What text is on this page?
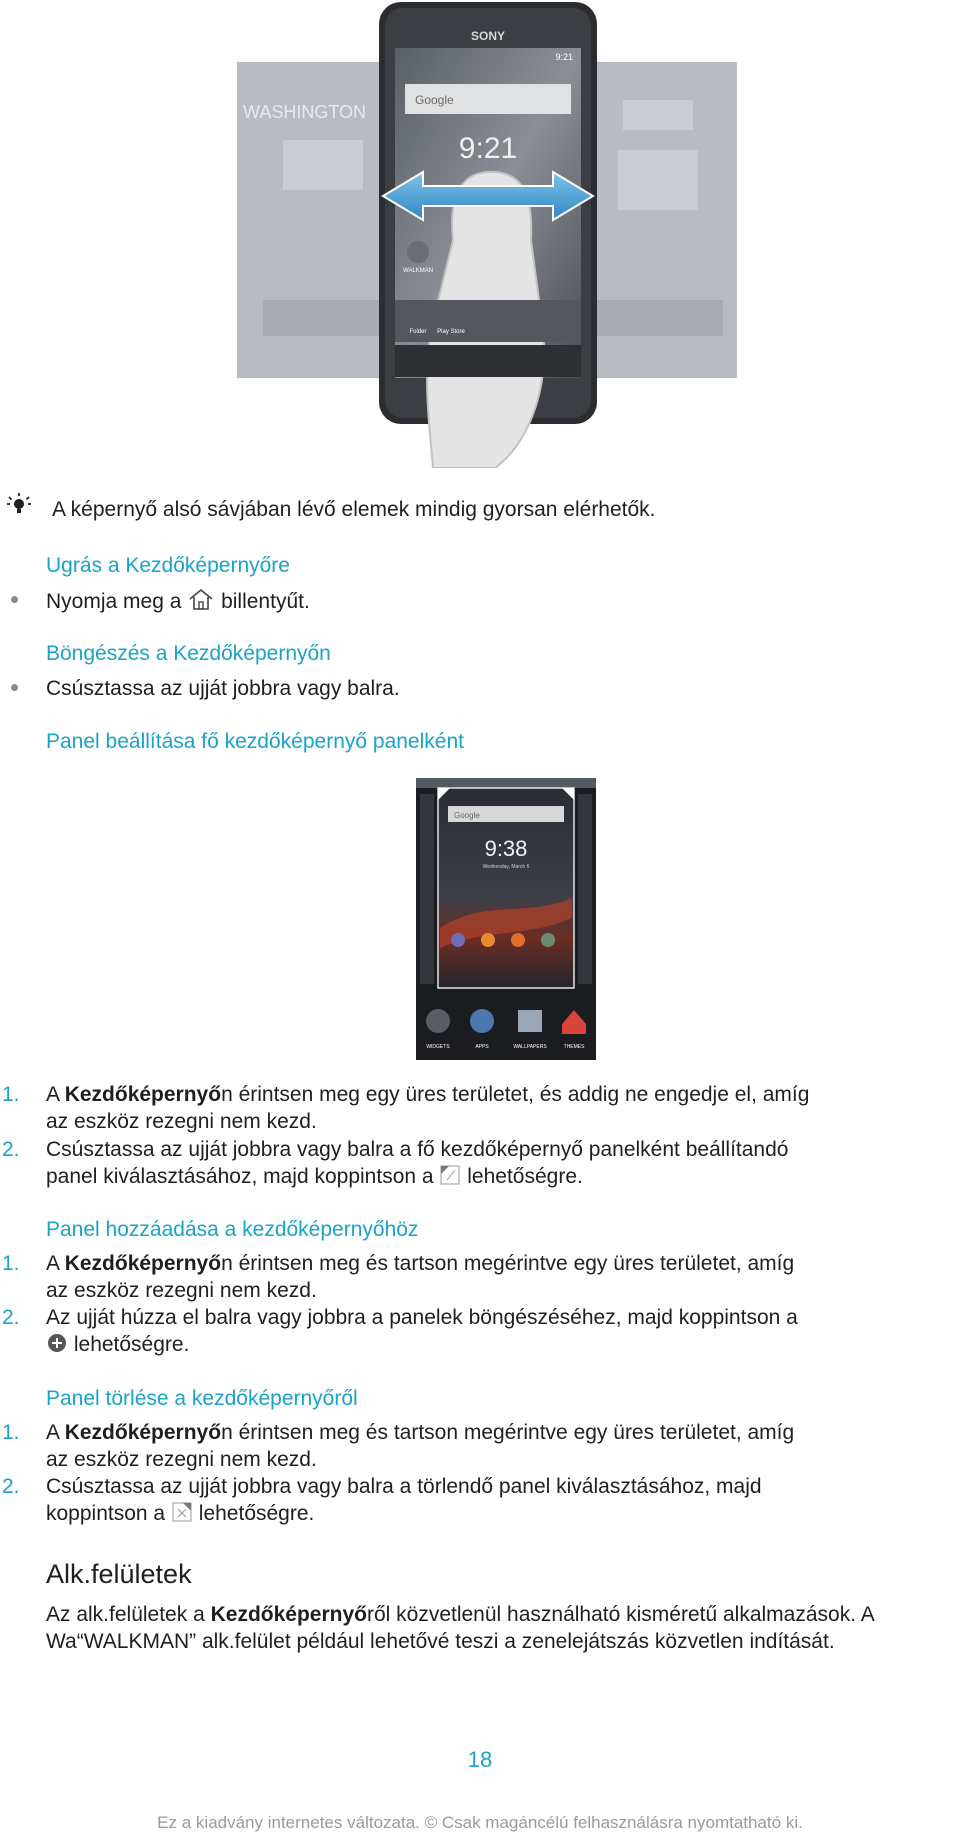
WASHINGTON
SONY
9:21
Google
9:21
WALKMAN
Folder Play Store
A képernyő alsó sávjában lévő elemek mindig gyorsan elérhetők.
Ugrás a Kezdőképernyőre
Nyomja meg a billentyűt.
Böngészés a Kezdőképernyőn
Csúsztassa az ujját jobbra vagy balra.
Panel beállítása fő kezdőképernyő panelként
Google
9:38
Wednesday, March 6
WIDGETS	APPS	WALLPAPERS	THEMES
1. A Kezdőképernyőn érintsen meg egy üres területet, és addig ne engedje el, amíg
az eszköz rezegni nem kezd.
2. Csúsztassa az ujját jobbra vagy balra a fő kezdőképernyő panelként beállítandó
panel kiválasztásához, majd koppintson a lehetőségre.
Panel hozzáadása a kezdőképernyőhöz
1. A Kezdőképernyőn érintsen meg és tartson megérintve egy üres területet, amíg
az eszköz rezegni nem kezd.
2. Az ujját húzza el balra vagy jobbra a panelek böngészéséhez, majd koppintson a
lehetőségre.
Panel törlése a kezdőképernyőről
1. A Kezdőképernyőn érintsen meg és tartson megérintve egy üres területet, amíg
az eszköz rezegni nem kezd.
2. Csúsztassa az ujját jobbra vagy balra a törlendő panel kiválasztásához, majd
koppintson a lehetőségre.
Alk.felületek
Az alk.felületek a Kezdőképernyőről közvetlenül használható kisméretű alkalmazások. A
Wa“WALKMAN” alk.felület például lehetővé teszi a zenelejátszás közvetlen indítását.
18
Ez a kiadvány internetes változata. © Csak magáncélú felhasználásra nyomtatható ki.
